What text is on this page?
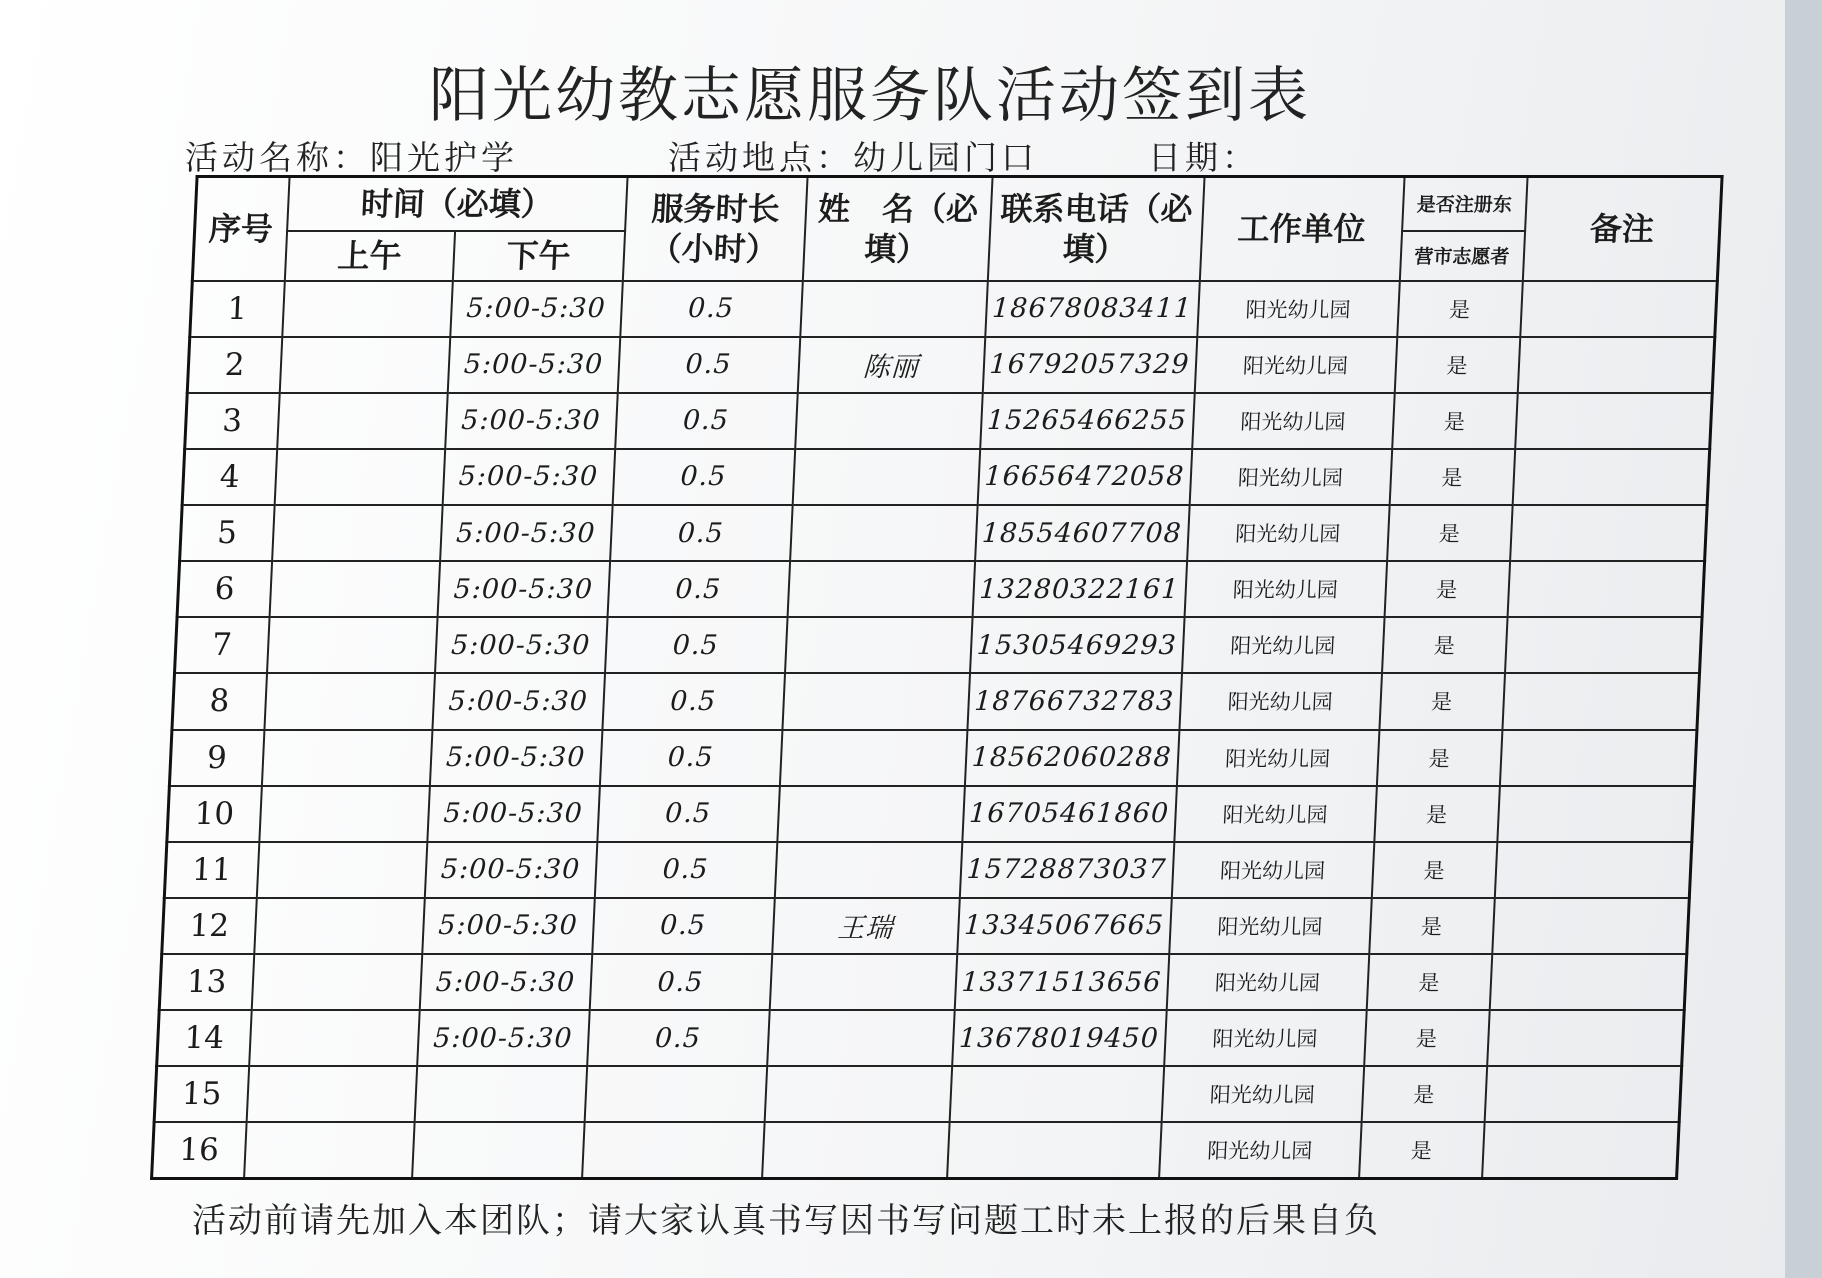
阳光幼教志愿服务队活动签到表
活动名称：阳光护学	活动地点：幼儿园门口	日期：
序号	时间（必填）		服务时长（小时）	姓　名（必填）	联系电话（必填）	工作单位	是否注册东	备注
	上午	下午					营市志愿者	
1		5:00-5:30	0.5		18678083411	阳光幼儿园	是	
2		5:00-5:30	0.5	陈丽	16792057329	阳光幼儿园	是	
3		5:00-5:30	0.5		15265466255	阳光幼儿园	是	
4		5:00-5:30	0.5		16656472058	阳光幼儿园	是	
5		5:00-5:30	0.5		18554607708	阳光幼儿园	是	
6		5:00-5:30	0.5		13280322161	阳光幼儿园	是	
7		5:00-5:30	0.5		15305469293	阳光幼儿园	是	
8		5:00-5:30	0.5		18766732783	阳光幼儿园	是	
9		5:00-5:30	0.5		18562060288	阳光幼儿园	是	
10		5:00-5:30	0.5		16705461860	阳光幼儿园	是	
11		5:00-5:30	0.5		15728873037	阳光幼儿园	是	
12		5:00-5:30	0.5	王瑞	13345067665	阳光幼儿园	是	
13		5:00-5:30	0.5		13371513656	阳光幼儿园	是	
14		5:00-5:30	0.5		13678019450	阳光幼儿园	是	
15						阳光幼儿园	是	
16						阳光幼儿园	是	
活动前请先加入本团队；请大家认真书写因书写问题工时未上报的后果自负
